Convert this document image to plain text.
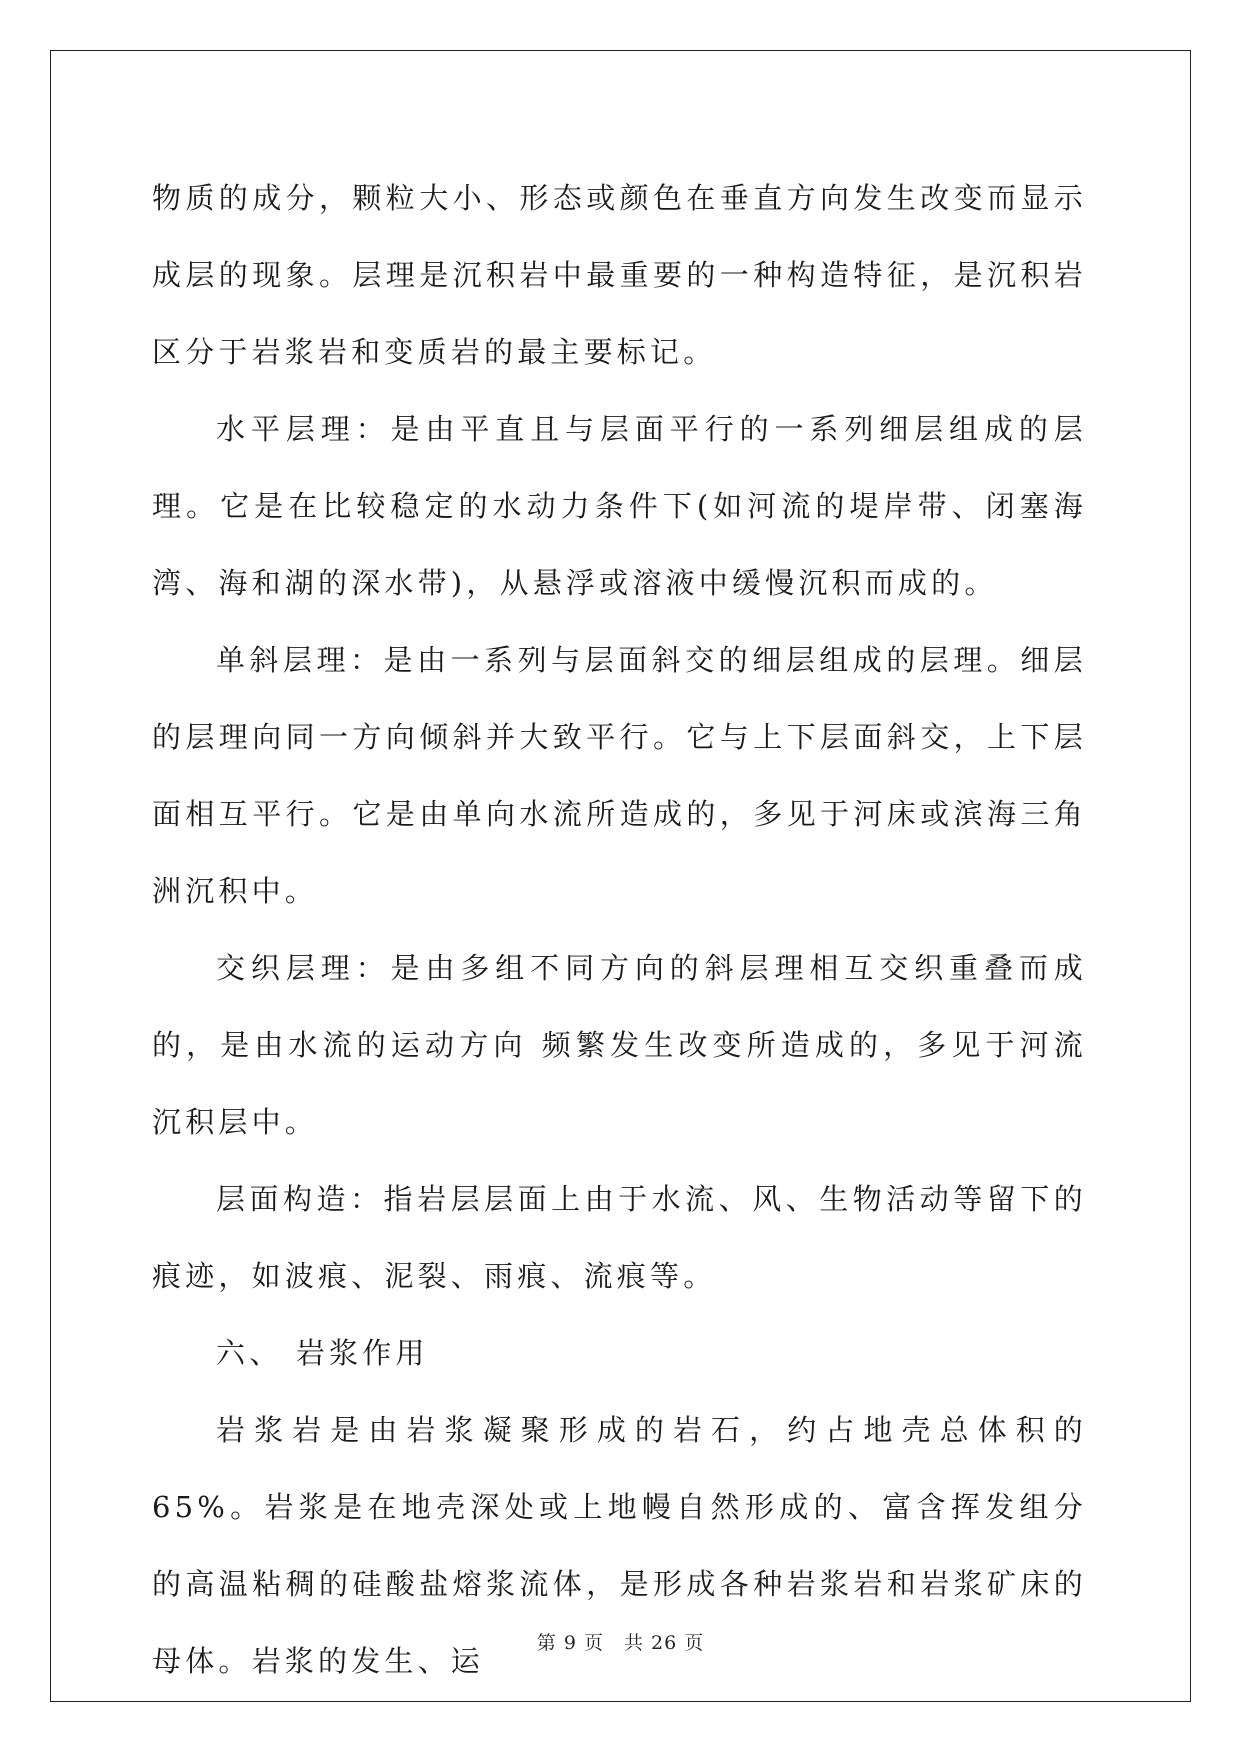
物质的成分，颗粒大小、形态或颜色在垂直方向发生改变而显示成层的现象。层理是沉积岩中最重要的一种构造特征，是沉积岩区分于岩浆岩和变质岩的最主要标记。

水平层理：是由平直且与层面平行的一系列细层组成的层理。它是在比较稳定的水动力条件下(如河流的堤岸带、闭塞海湾、海和湖的深水带)，从悬浮或溶液中缓慢沉积而成的。

单斜层理：是由一系列与层面斜交的细层组成的层理。细层的层理向同一方向倾斜并大致平行。它与上下层面斜交，上下层面相互平行。它是由单向水流所造成的，多见于河床或滨海三角洲沉积中。

交织层理：是由多组不同方向的斜层理相互交织重叠而成的，是由水流的运动方向 频繁发生改变所造成的，多见于河流沉积层中。

层面构造：指岩层层面上由于水流、风、生物活动等留下的痕迹，如波痕、泥裂、雨痕、流痕等。

六、 岩浆作用

岩浆岩是由岩浆凝聚形成的岩石，约占地壳总体积的65%。岩浆是在地壳深处或上地幔自然形成的、富含挥发组分的高温粘稠的硅酸盐熔浆流体，是形成各种岩浆岩和岩浆矿床的母体。岩浆的发生、运

第 9 页 共 26 页
